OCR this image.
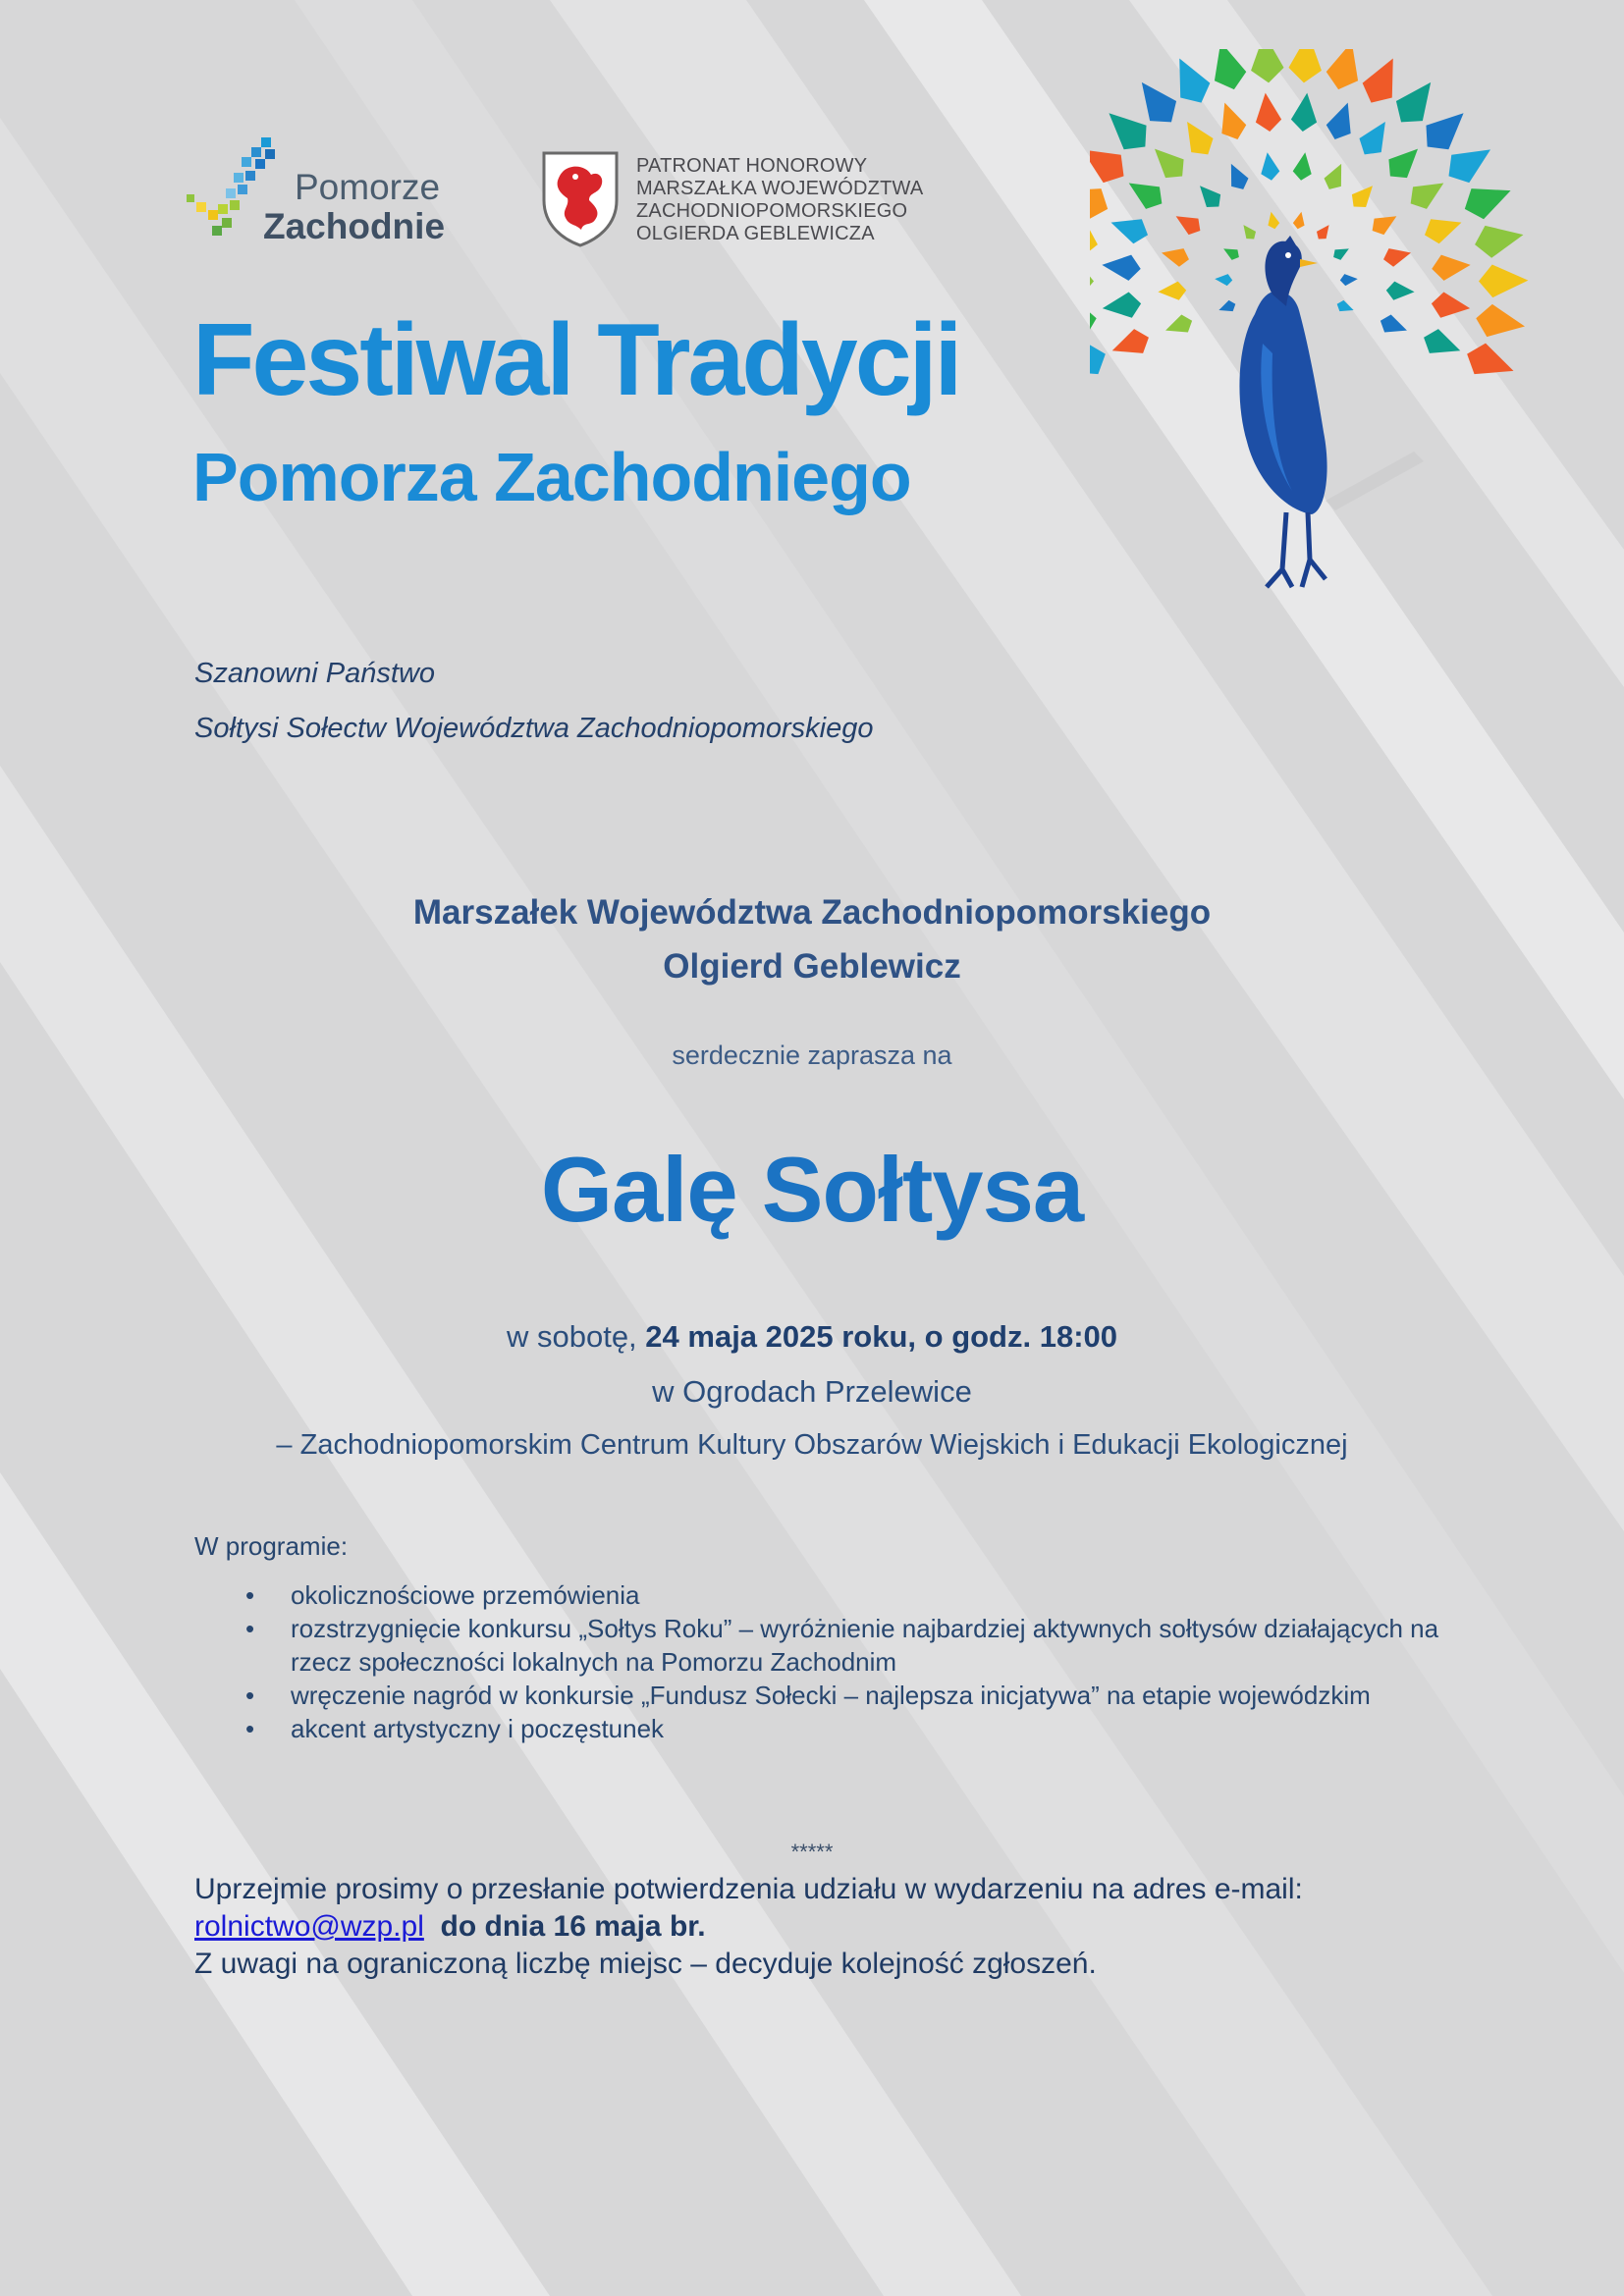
Pomorze
Zachodnie
PATRONAT HONOROWY
MARSZAŁKA WOJEWÓDZTWA
ZACHODNIOPOMORSKIEGO
OLGIERDA GEBLEWICZA
Festiwal Tradycji
Pomorza Zachodniego
Szanowni Państwo
Sołtysi Sołectw Województwa Zachodniopomorskiego
Marszałek Województwa Zachodniopomorskiego
Olgierd Geblewicz
serdecznie zaprasza na
Galę Sołtysa
w sobotę, 24 maja 2025 roku, o godz. 18:00
w Ogrodach Przelewice
– Zachodniopomorskim Centrum Kultury Obszarów Wiejskich i Edukacji Ekologicznej
W programie:
• okolicznościowe przemówienia
• rozstrzygnięcie konkursu „Sołtys Roku” – wyróżnienie najbardziej aktywnych sołtysów działających na rzecz społeczności lokalnych na Pomorzu Zachodnim
• wręczenie nagród w konkursie „Fundusz Sołecki – najlepsza inicjatywa” na etapie wojewódzkim
• akcent artystyczny i poczęstunek
*****
Uprzejmie prosimy o przesłanie potwierdzenia udziału w wydarzeniu na adres e-mail:
rolnictwo@wzp.pl do dnia 16 maja br.
Z uwagi na ograniczoną liczbę miejsc – decyduje kolejność zgłoszeń.
